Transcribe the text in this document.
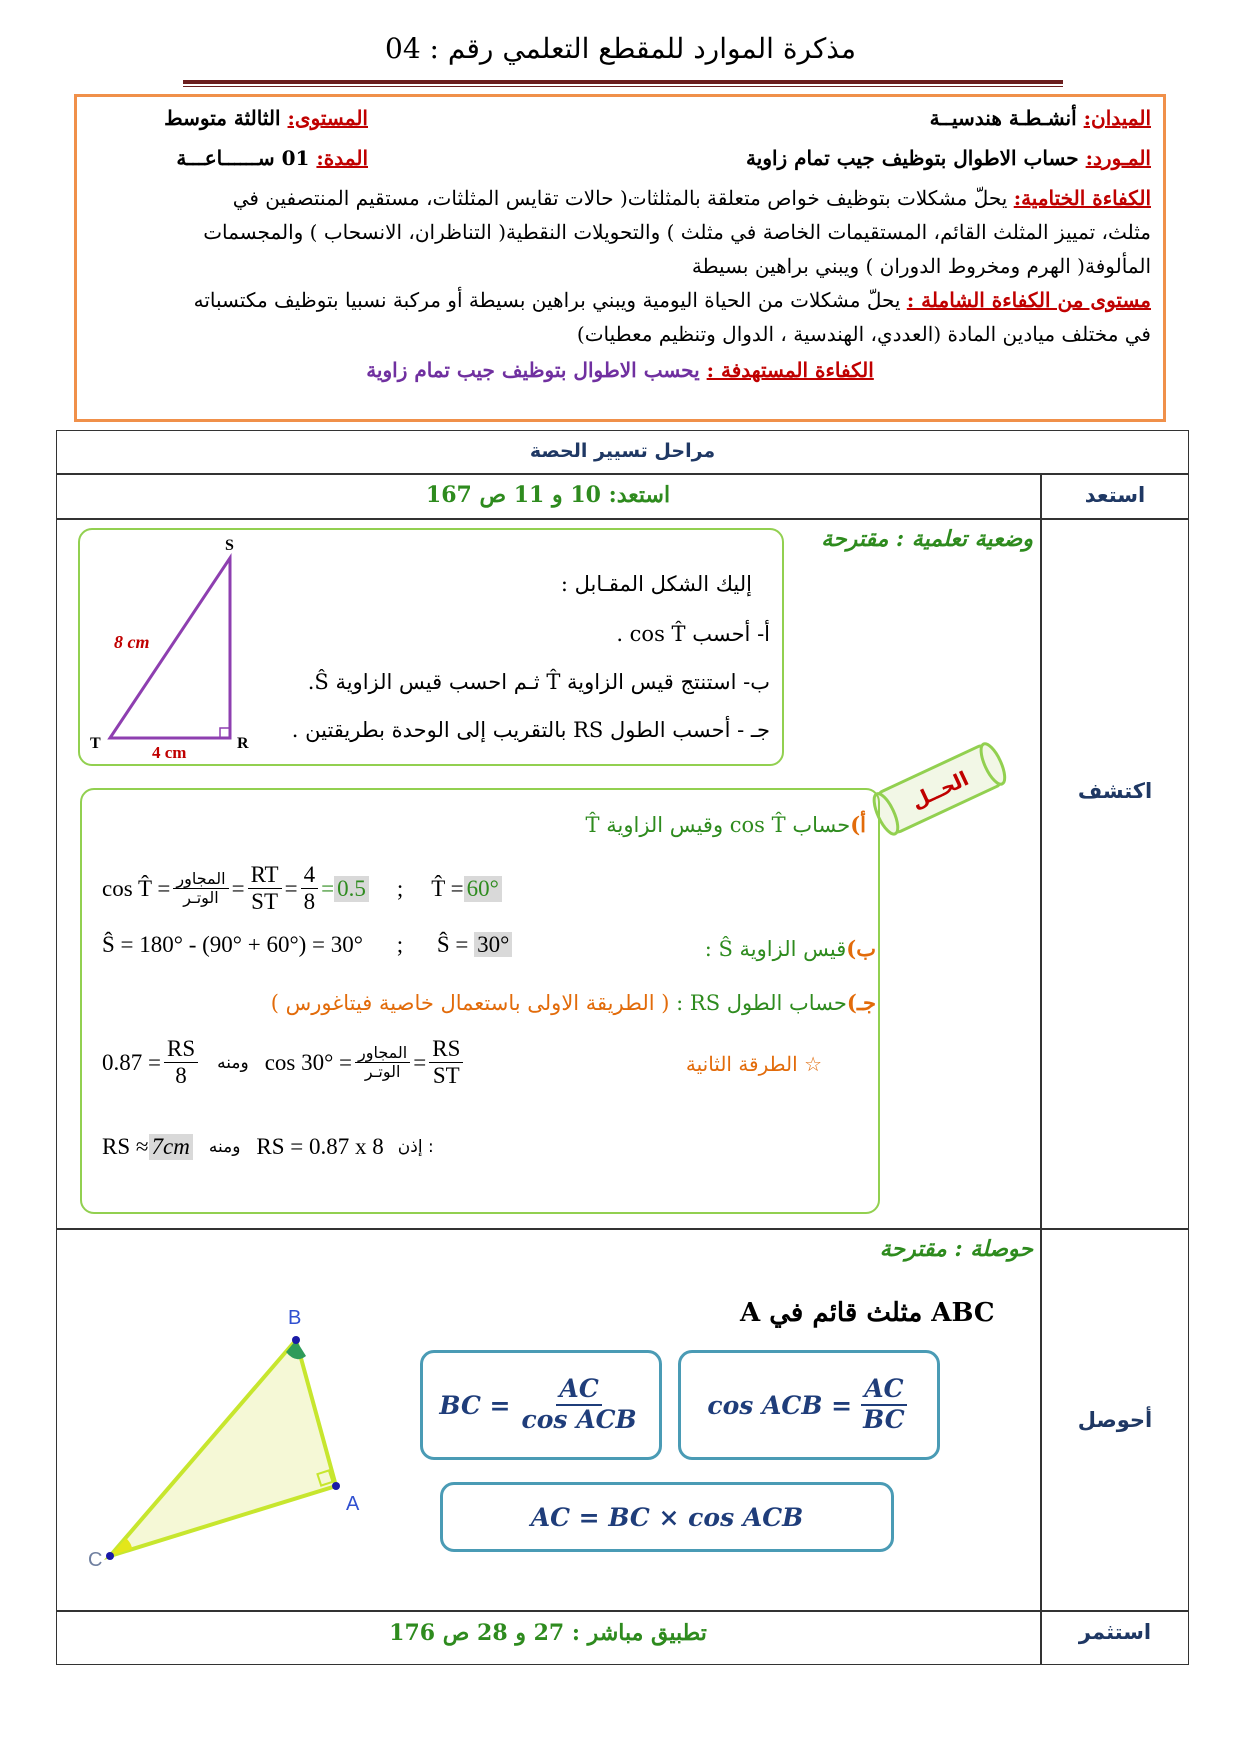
مذكرة الموارد للمقطع التعلمي رقم : 04
الميدان: أنشـطـة هندسيــة
المستوى: الثالثة متوسط
المـورد: حساب الاطوال بتوظيف جيب تمام زاوية
المدة: 01 ســــــاعـــة
الكفاءة الختامية: يحلّ مشكلات بتوظيف خواص متعلقة بالمثلثات( حالات تقايس المثلثات، مستقيم المنتصفين في
مثلث، تمييز المثلث القائم، المستقيمات الخاصة في مثلث ) والتحويلات النقطية( التناظران، الانسحاب ) والمجسمات
المألوفة( الهرم ومخروط الدوران ) ويبني براهين بسيطة
مستوى من الكفاءة الشاملة : يحلّ مشكلات من الحياة اليومية ويبني براهين بسيطة أو مركبة نسبيا بتوظيف مكتسباته
في مختلف ميادين المادة (العددي، الهندسية ، الدوال وتنظيم معطيات)
الكفاءة المستهدفة : يحسب الاطوال بتوظيف جيب تمام زاوية
مراحل تسيير الحصة
استعد
اكتشف
أحوصل
استثمر
استعد: 10 و 11 ص 167
وضعية تعلمية : مقترحة
S
T	R
8 cm
4 cm
إليك الشكل المقـابل :
أ- أحسب cos T̂ .
ب- استنتج قيس الزاوية T̂ ثـم احسب قيس الزاوية Ŝ.
جـ - أحسب الطول RS بالتقريب إلى الوحدة بطريقتين .
الحــل
أ)حساب cos T̂ وقيس الزاوية T̂
cos T̂ = $\frac{\text{المجاور}}{\text{الوتـر}} = \frac{RT}{ST} = \frac{4}{8} = 0.5$ ; T̂ = 60°
Ŝ = 180° - (90° + 60°) = 30° ; Ŝ = 30°	ب)قيس الزاوية Ŝ :
جـ)حساب الطول RS : ( الطريقة الاولى باستعمال خاصية فيتاغورس )
☆ الطرقة الثانية
$0.87 = \frac{RS}{8}$ ومنه $\cos 30^\circ = \frac{\text{المجاور}}{\text{الوتـر}} = \frac{RS}{ST}$
RS ≈ 7cm ومنه RS = 0.87 x 8 إذن :
حوصلة : مقترحة
ABC مثلث قائم في A
B
A
C
cos ACB = $\frac{AC}{BC}$
BC = $\frac{AC}{\text{cos ACB}}$
AC = BC × cos ACB
تطبيق مباشر : 27 و 28 ص 176
